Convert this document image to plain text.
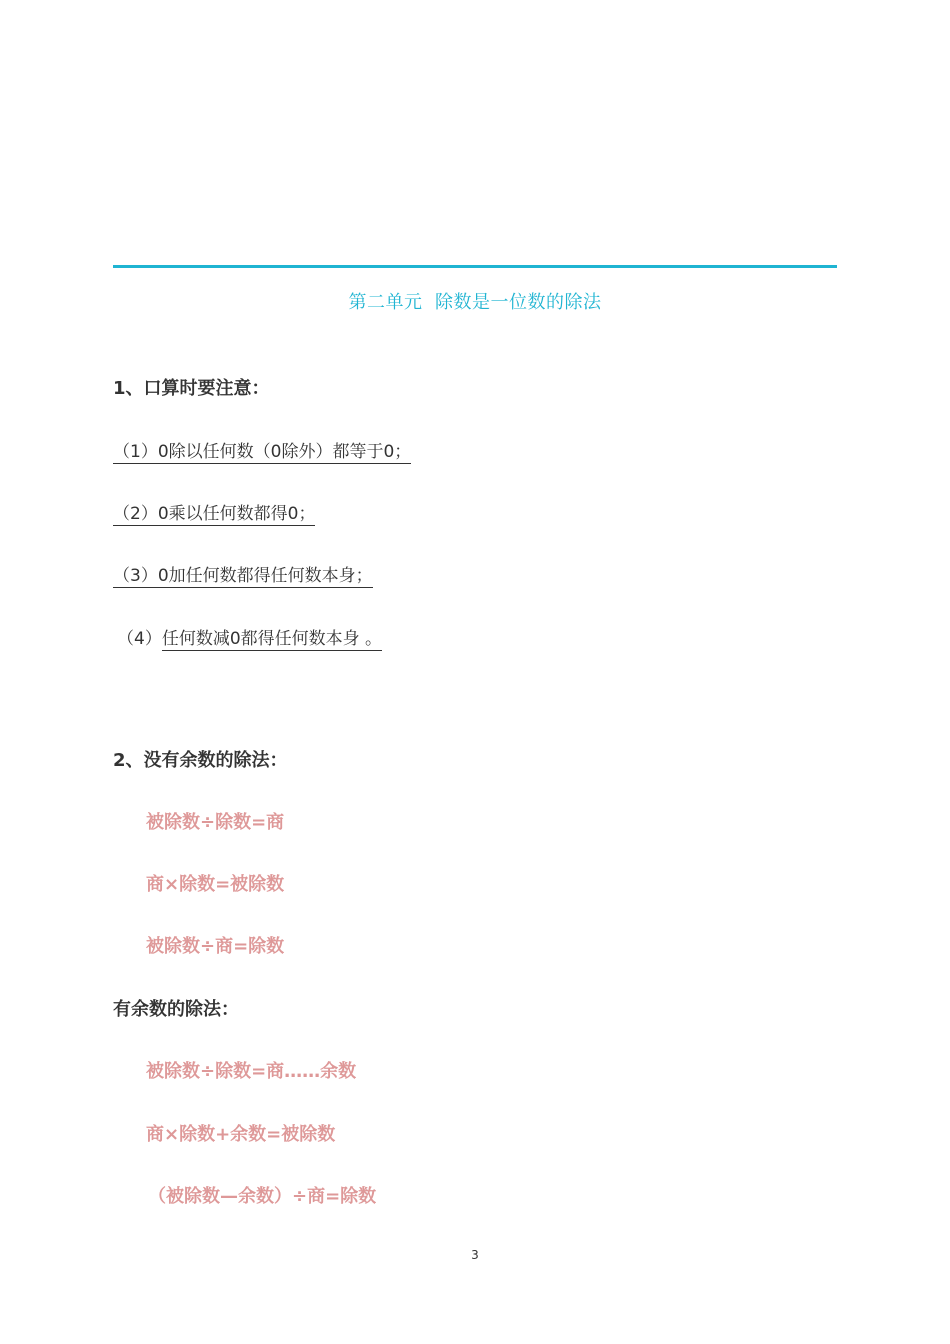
第二单元  除数是一位数的除法
1、口算时要注意：
（1）0除以任何数（0除外）都等于0；
（2）0乘以任何数都得0；
（3）0加任何数都得任何数本身；
（4）任何数减0都得任何数本身 。
2、没有余数的除法：
被除数÷除数=商
商×除数=被除数
被除数÷商=除数
有余数的除法：
被除数÷除数=商……余数
商×除数+余数=被除数
（被除数—余数）÷商=除数
3
